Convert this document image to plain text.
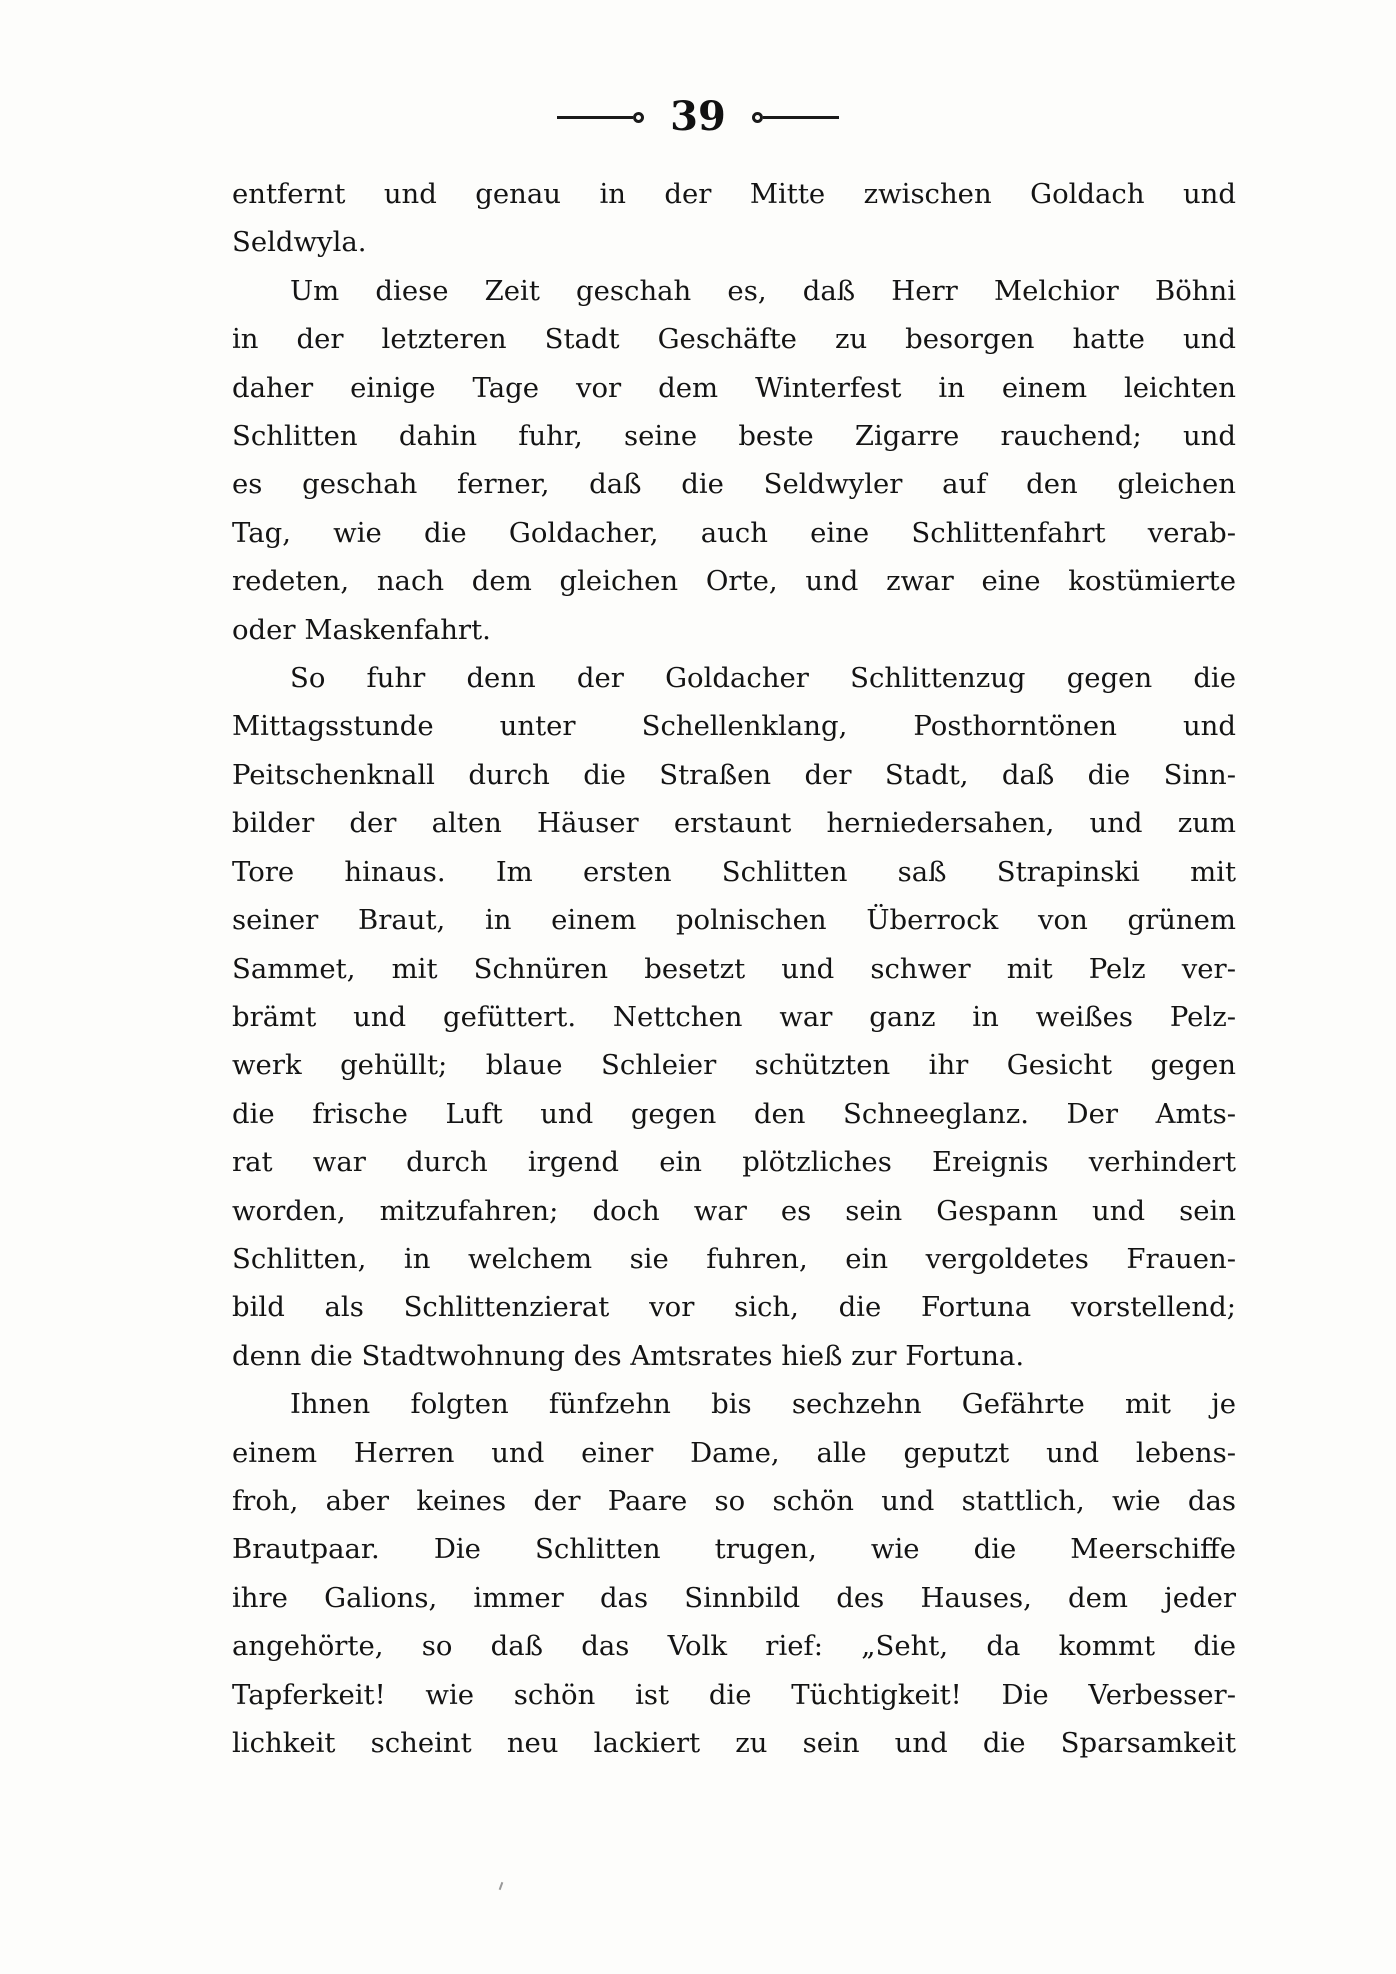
39
entfernt und genau in der Mitte zwischen Goldach und
Seldwyla.
Um diese Zeit geschah es, daß Herr Melchior Böhni
in der letzteren Stadt Geschäfte zu besorgen hatte und
daher einige Tage vor dem Winterfest in einem leichten
Schlitten dahin fuhr, seine beste Zigarre rauchend; und
es geschah ferner, daß die Seldwyler auf den gleichen
Tag, wie die Goldacher, auch eine Schlittenfahrt verab-
redeten, nach dem gleichen Orte, und zwar eine kostümierte
oder Maskenfahrt.
So fuhr denn der Goldacher Schlittenzug gegen die
Mittagsstunde unter Schellenklang, Posthorntönen und
Peitschenknall durch die Straßen der Stadt, daß die Sinn-
bilder der alten Häuser erstaunt herniedersahen, und zum
Tore hinaus. Im ersten Schlitten saß Strapinski mit
seiner Braut, in einem polnischen Überrock von grünem
Sammet, mit Schnüren besetzt und schwer mit Pelz ver-
brämt und gefüttert. Nettchen war ganz in weißes Pelz-
werk gehüllt; blaue Schleier schützten ihr Gesicht gegen
die frische Luft und gegen den Schneeglanz. Der Amts-
rat war durch irgend ein plötzliches Ereignis verhindert
worden, mitzufahren; doch war es sein Gespann und sein
Schlitten, in welchem sie fuhren, ein vergoldetes Frauen-
bild als Schlittenzierat vor sich, die Fortuna vorstellend;
denn die Stadtwohnung des Amtsrates hieß zur Fortuna.
Ihnen folgten fünfzehn bis sechzehn Gefährte mit je
einem Herren und einer Dame, alle geputzt und lebens-
froh, aber keines der Paare so schön und stattlich, wie das
Brautpaar. Die Schlitten trugen, wie die Meerschiffe
ihre Galions, immer das Sinnbild des Hauses, dem jeder
angehörte, so daß das Volk rief: „Seht, da kommt die
Tapferkeit! wie schön ist die Tüchtigkeit! Die Verbesser-
lichkeit scheint neu lackiert zu sein und die Sparsamkeit
